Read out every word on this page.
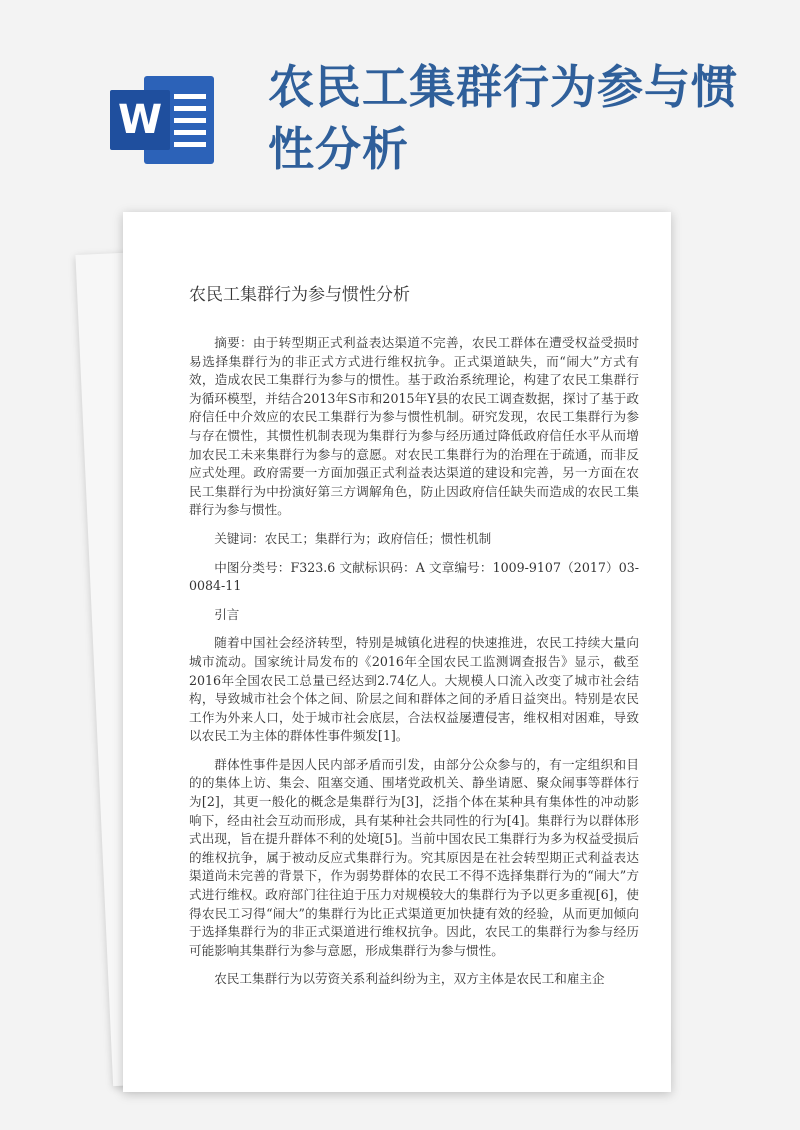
W
农民工集群行为参与惯
性分析
农民工集群行为参与惯性分析

摘要：由于转型期正式利益表达渠道不完善，农民工群体在遭受权益受损时易选择集群行为的非正式方式进行维权抗争。正式渠道缺失，而“闹大”方式有效，造成农民工集群行为参与的惯性。基于政治系统理论，构建了农民工集群行为循环模型，并结合2013年S市和2015年Y县的农民工调查数据，探讨了基于政府信任中介效应的农民工集群行为参与惯性机制。研究发现，农民工集群行为参与存在惯性，其惯性机制表现为集群行为参与经历通过降低政府信任水平从而增加农民工未来集群行为参与的意愿。对农民工集群行为的治理在于疏通，而非反应式处理。政府需要一方面加强正式利益表达渠道的建设和完善，另一方面在农民工集群行为中扮演好第三方调解角色，防止因政府信任缺失而造成的农民工集群行为参与惯性。

关键词：农民工；集群行为；政府信任；惯性机制

中图分类号：F323.6 文献标识码：A 文章编号：1009-9107（2017）03-0084-11

引言

随着中国社会经济转型，特别是城镇化进程的快速推进，农民工持续大量向城市流动。国家统计局发布的《2016年全国农民工监测调查报告》显示，截至2016年全国农民工总量已经达到2.74亿人。大规模人口流入改变了城市社会结构，导致城市社会个体之间、阶层之间和群体之间的矛盾日益突出。特别是农民工作为外来人口，处于城市社会底层，合法权益屡遭侵害，维权相对困难，导致以农民工为主体的群体性事件频发[1]。

群体性事件是因人民内部矛盾而引发，由部分公众参与的，有一定组织和目的的集体上访、集会、阻塞交通、围堵党政机关、静坐请愿、聚众闹事等群体行为[2]，其更一般化的概念是集群行为[3]，泛指个体在某种具有集体性的冲动影响下，经由社会互动而形成，具有某种社会共同性的行为[4]。集群行为以群体形式出现，旨在提升群体不利的处境[5]。当前中国农民工集群行为多为权益受损后的维权抗争，属于被动反应式集群行为。究其原因是在社会转型期正式利益表达渠道尚未完善的背景下，作为弱势群体的农民工不得不选择集群行为的“闹大”方式进行维权。政府部门往往迫于压力对规模较大的集群行为予以更多重视[6]，使得农民工习得“闹大”的集群行为比正式渠道更加快捷有效的经验，从而更加倾向于选择集群行为的非正式渠道进行维权抗争。因此，农民工的集群行为参与经历可能影响其集群行为参与意愿，形成集群行为参与惯性。

农民工集群行为以劳资关系利益纠纷为主，双方主体是农民工和雇主企
